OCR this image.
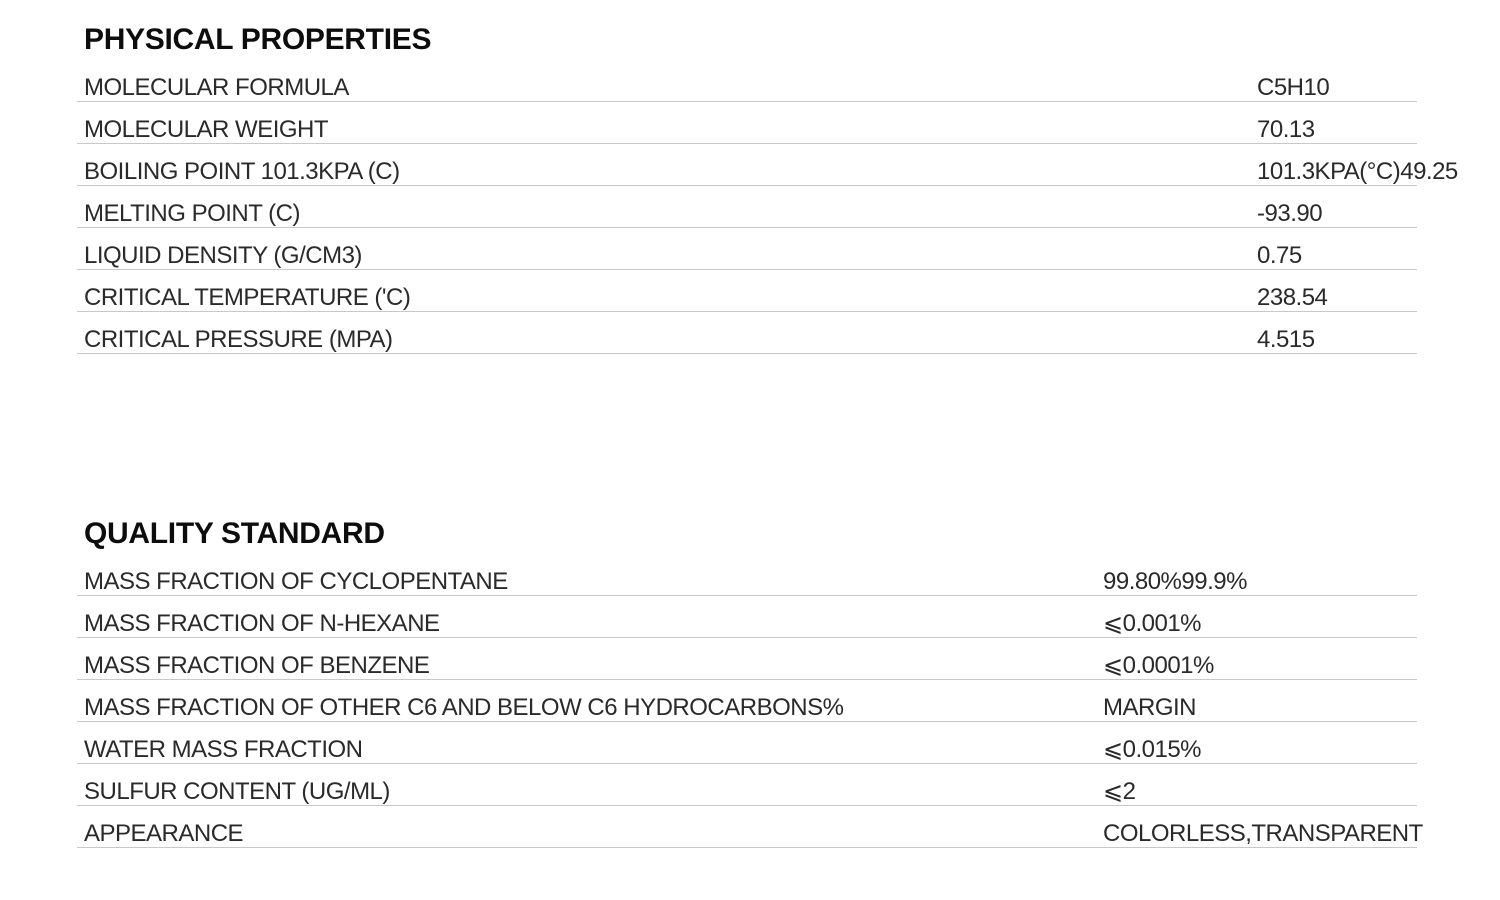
PHYSICAL PROPERTIES
MOLECULAR FORMULA	C5H10
MOLECULAR WEIGHT	70.13
BOILING POINT 101.3KPA (C)	101.3KPA(°C)49.25
MELTING POINT (C)	-93.90
LIQUID DENSITY (G/CM3)	0.75
CRITICAL TEMPERATURE ('C)	238.54
CRITICAL PRESSURE (MPA)	4.515
QUALITY STANDARD
MASS FRACTION OF CYCLOPENTANE	99.80%99.9%
MASS FRACTION OF N-HEXANE	⩽0.001%
MASS FRACTION OF BENZENE	⩽0.0001%
MASS FRACTION OF OTHER C6 AND BELOW C6 HYDROCARBONS%	MARGIN
WATER MASS FRACTION	⩽0.015%
SULFUR CONTENT (UG/ML)	⩽2
APPEARANCE	COLORLESS,TRANSPARENT
